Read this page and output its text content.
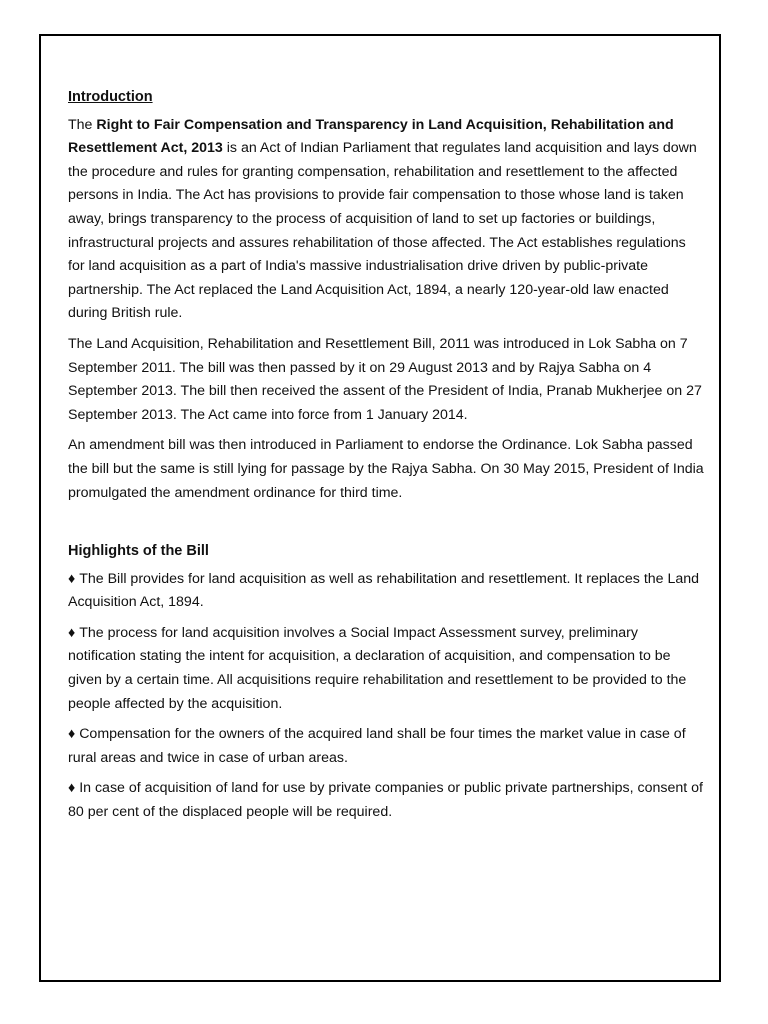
Introduction

The Right to Fair Compensation and Transparency in Land Acquisition, Rehabilitation and Resettlement Act, 2013 is an Act of Indian Parliament that regulates land acquisition and lays down the procedure and rules for granting compensation, rehabilitation and resettlement to the affected persons in India. The Act has provisions to provide fair compensation to those whose land is taken away, brings transparency to the process of acquisition of land to set up factories or buildings, infrastructural projects and assures rehabilitation of those affected. The Act establishes regulations for land acquisition as a part of India's massive industrialisation drive driven by public-private partnership. The Act replaced the Land Acquisition Act, 1894, a nearly 120-year-old law enacted during British rule.

The Land Acquisition, Rehabilitation and Resettlement Bill, 2011 was introduced in Lok Sabha on 7 September 2011. The bill was then passed by it on 29 August 2013 and by Rajya Sabha on 4 September 2013. The bill then received the assent of the President of India, Pranab Mukherjee on 27 September 2013. The Act came into force from 1 January 2014.

An amendment bill was then introduced in Parliament to endorse the Ordinance. Lok Sabha passed the bill but the same is still lying for passage by the Rajya Sabha. On 30 May 2015, President of India promulgated the amendment ordinance for third time.

Highlights of the Bill

♦ The Bill provides for land acquisition as well as rehabilitation and resettlement. It replaces the Land Acquisition Act, 1894.

♦ The process for land acquisition involves a Social Impact Assessment survey, preliminary notification stating the intent for acquisition, a declaration of acquisition, and compensation to be given by a certain time. All acquisitions require rehabilitation and resettlement to be provided to the people affected by the acquisition.

♦ Compensation for the owners of the acquired land shall be four times the market value in case of rural areas and twice in case of urban areas.

♦ In case of acquisition of land for use by private companies or public private partnerships, consent of 80 per cent of the displaced people will be required.
